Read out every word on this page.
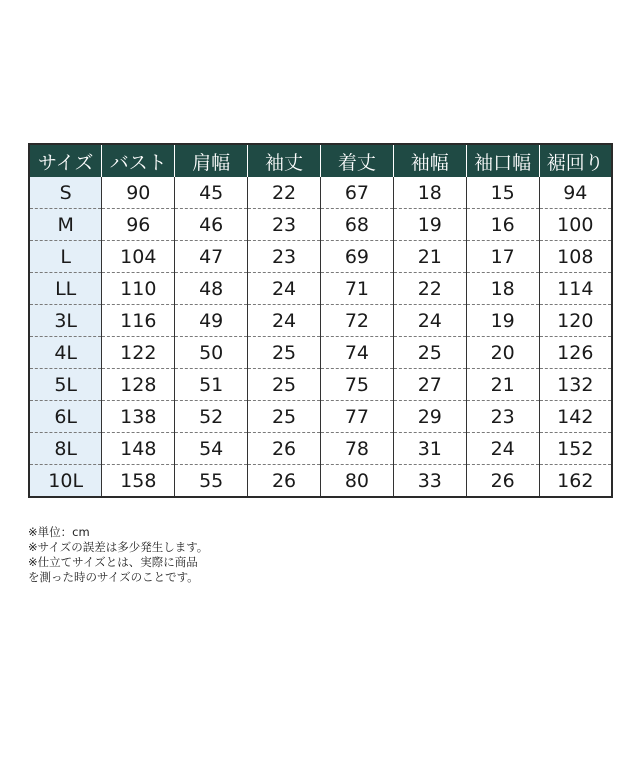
サイズ	バスト	肩幅	袖丈	着丈	袖幅	袖口幅	裾回り
S	90	45	22	67	18	15	94
M	96	46	23	68	19	16	100
L	104	47	23	69	21	17	108
LL	110	48	24	71	22	18	114
3L	116	49	24	72	24	19	120
4L	122	50	25	74	25	20	126
5L	128	51	25	75	27	21	132
6L	138	52	25	77	29	23	142
8L	148	54	26	78	31	24	152
10L	158	55	26	80	33	26	162
※単位：cm
※サイズの誤差は多少発生します。
※仕立てサイズとは、実際に商品
を測った時のサイズのことです。
